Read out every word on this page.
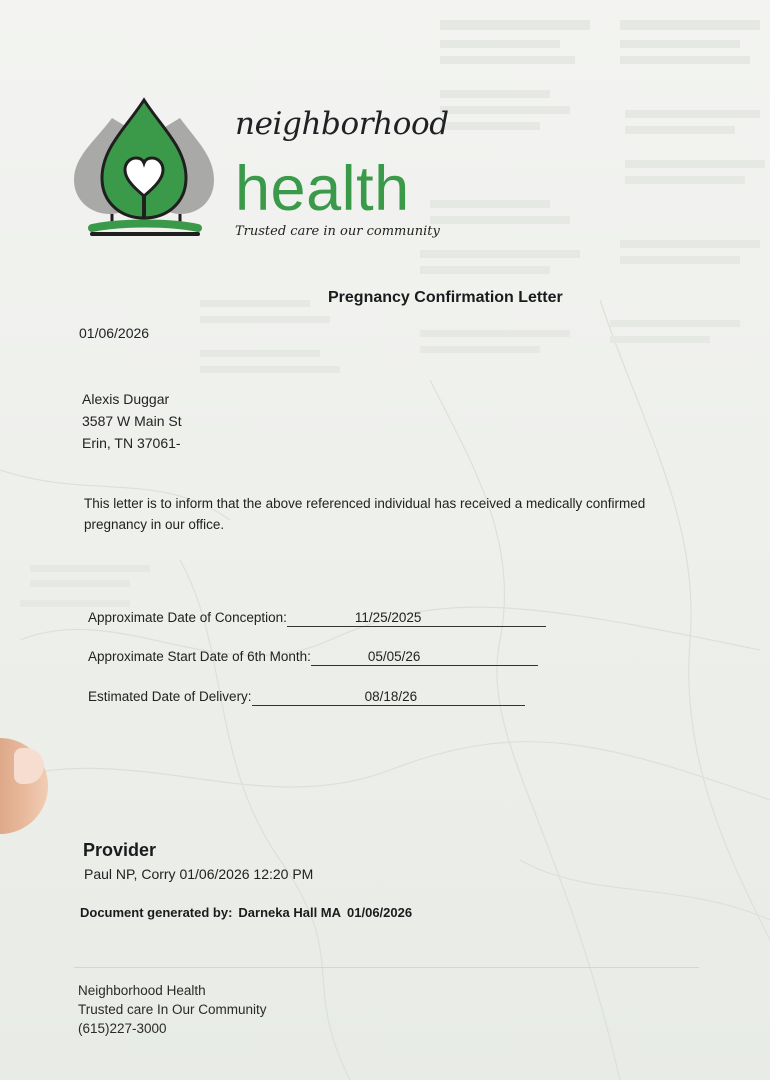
neighborhood
health
Trusted care in our community
Pregnancy Confirmation Letter
01/06/2026
Alexis Duggar
3587 W Main St
Erin, TN 37061-
This letter is to inform that the above referenced individual has received a medically confirmed pregnancy in our office.
Approximate Date of Conception:	11/25/2025
Approximate Start Date of 6th Month:	05/05/26
Estimated Date of Delivery:	08/18/26
Provider
Paul NP, Corry 01/06/2026 12:20 PM
Document generated by: Darneka Hall MA 01/06/2026
Neighborhood Health
Trusted care In Our Community
(615)227-3000
